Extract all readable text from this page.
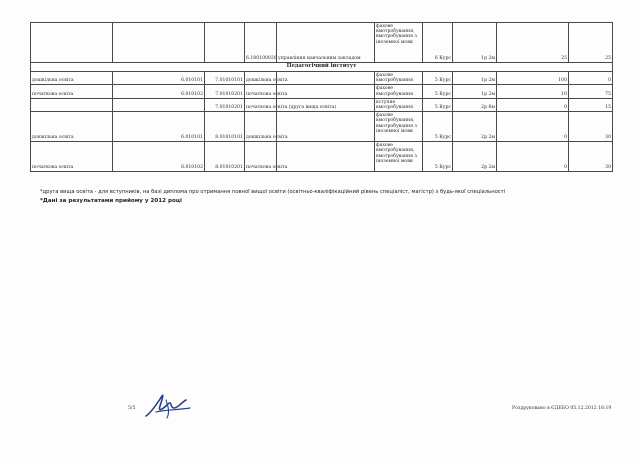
			6.180100020	управління навчальним закладом	фахове вмотробування, вмотробування з іноземної мови	6 Курс	1р 2м	25	25
Педагогічний інститут									
дошкільна освіта	6.010101	7.01010101	дошкільна освіта		фахове вмотробування	5 Курс	1р 2м	100	0
початкова освіта	6.010102	7.01010201	початкова освіта		фахове вмотробування	5 Курс	1р 2м	10	75
		7.01010201	початкова освіта (друга вища освіта)		вступне вмотробування	5 Курс	2р 6м	0	15
дошкільна освіта	6.010101	8.01010101	дошкільна освіта		фахове вмотробування, вмотробування з іноземної мови	5 Курс	2р 2м	0	30
початкова освіта	6.010102	8.01010201	початкова освіта		фахове вмотробування, вмотробування з іноземної мови	5 Курс	2р 2м	0	30
*друга вища освіта - для вступників, на базі диплома про отримання повної вищої освіти (освітньо-кваліфікаційний рівень спеціаліст, магістр) з будь-якої спеціальності
*Дані за результатами прийому у 2012 році
5/5	Роздруковано в ЄДЕБО 05.12.2012 16:19
